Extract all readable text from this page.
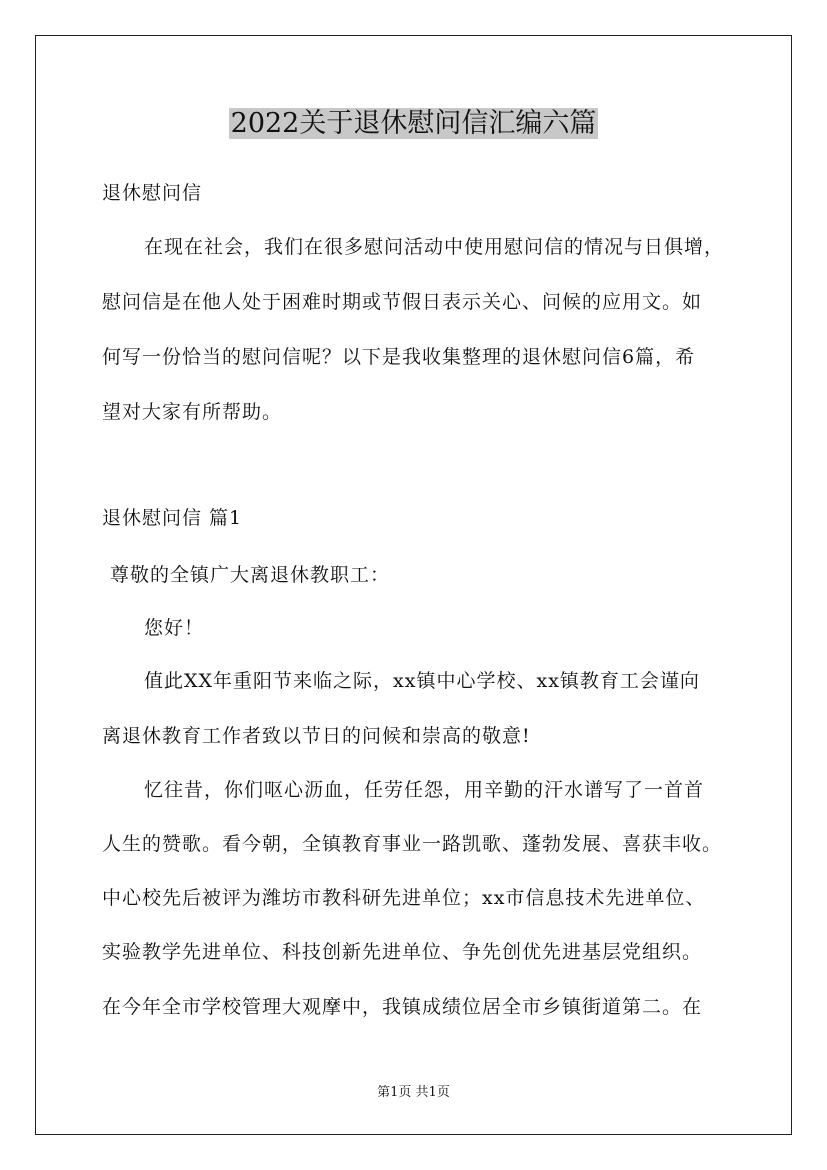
2022关于退休慰问信汇编六篇
退休慰问信
在现在社会，我们在很多慰问活动中使用慰问信的情况与日俱增，
慰问信是在他人处于困难时期或节假日表示关心、问候的应用文。如
何写一份恰当的慰问信呢？以下是我收集整理的退休慰问信6篇，希
望对大家有所帮助。
退休慰问信 篇1
尊敬的全镇广大离退休教职工：
您好！
值此XX年重阳节来临之际，xx镇中心学校、xx镇教育工会谨向
离退休教育工作者致以节日的问候和崇高的敬意!
忆往昔，你们呕心沥血，任劳任怨，用辛勤的汗水谱写了一首首
人生的赞歌。看今朝，全镇教育事业一路凯歌、蓬勃发展、喜获丰收。
中心校先后被评为潍坊市教科研先进单位；xx市信息技术先进单位、
实验教学先进单位、科技创新先进单位、争先创优先进基层党组织。
在今年全市学校管理大观摩中，我镇成绩位居全市乡镇街道第二。在
第1页 共1页
